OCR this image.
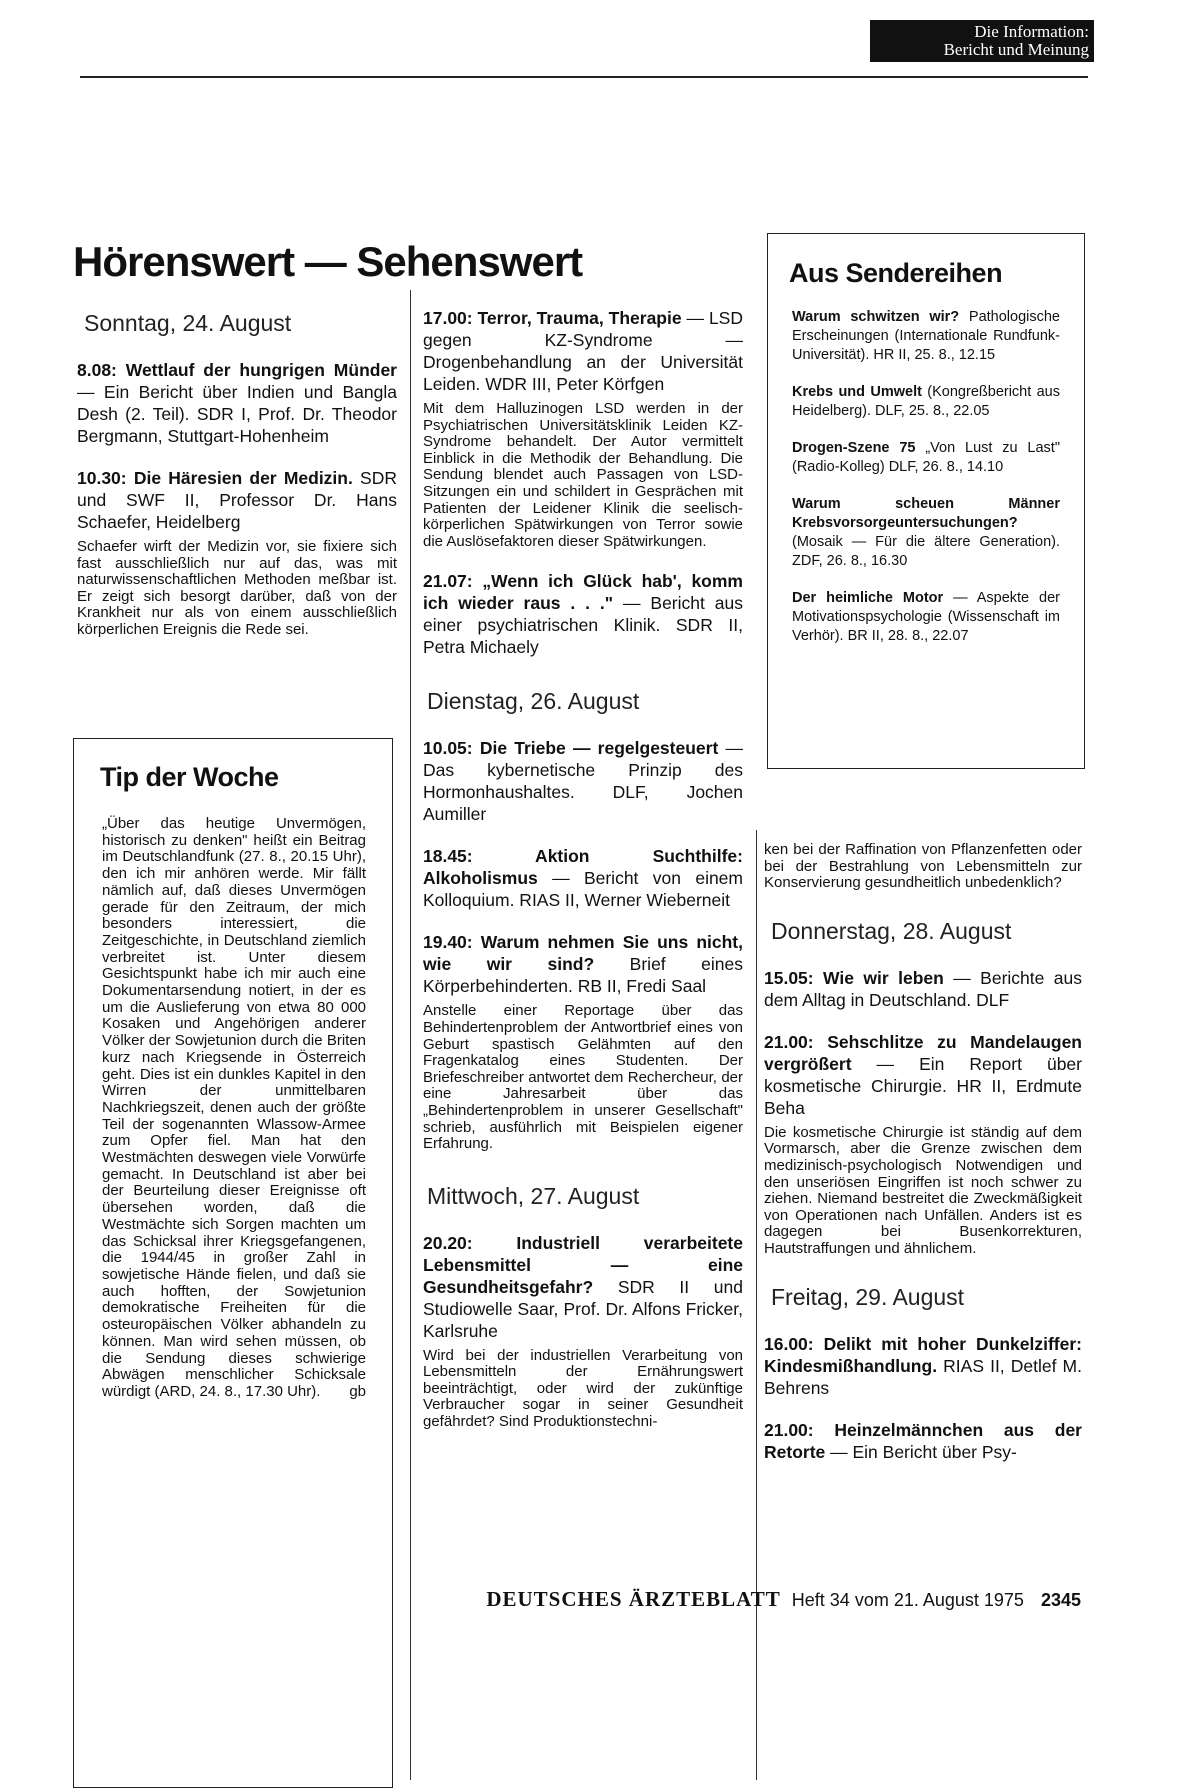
Die Information:
Bericht und Meinung
Hörenswert — Sehenswert
Sonntag, 24. August

8.08: Wettlauf der hungrigen Münder — Ein Bericht über Indien und Bangla Desh (2. Teil). SDR I, Prof. Dr. Theodor Bergmann, Stuttgart-Hohenheim

10.30: Die Häresien der Medizin. SDR und SWF II, Professor Dr. Hans Schaefer, Heidelberg

Schaefer wirft der Medizin vor, sie fixiere sich fast ausschließlich nur auf das, was mit naturwissenschaftlichen Methoden meßbar ist. Er zeigt sich besorgt darüber, daß von der Krankheit nur als von einem ausschließlich körperlichen Ereignis die Rede sei.

Tip der Woche

„Über das heutige Unvermögen, historisch zu denken" heißt ein Beitrag im Deutschlandfunk (27. 8., 20.15 Uhr), den ich mir anhören werde. Mir fällt nämlich auf, daß dieses Unvermögen gerade für den Zeitraum, der mich besonders interessiert, die Zeitgeschichte, in Deutschland ziemlich verbreitet ist. Unter diesem Gesichtspunkt habe ich mir auch eine Dokumentarsendung notiert, in der es um die Auslieferung von etwa 80 000 Kosaken und Angehörigen anderer Völker der Sowjetunion durch die Briten kurz nach Kriegsende in Österreich geht. Dies ist ein dunkles Kapitel in den Wirren der unmittelbaren Nachkriegszeit, denen auch der größte Teil der sogenannten Wlassow-Armee zum Opfer fiel. Man hat den Westmächten deswegen viele Vorwürfe gemacht. In Deutschland ist aber bei der Beurteilung dieser Ereignisse oft übersehen worden, daß die Westmächte sich Sorgen machten um das Schicksal ihrer Kriegsgefangenen, die 1944/45 in großer Zahl in sowjetische Hände fielen, und daß sie auch hofften, der Sowjetunion demokratische Freiheiten für die osteuropäischen Völker abhandeln zu können. Man wird sehen müssen, ob die Sendung dieses schwierige Abwägen menschlicher Schicksale würdigt (ARD, 24. 8., 17.30 Uhr).	gb

17.00: Terror, Trauma, Therapie — LSD gegen KZ-Syndrome — Drogenbehandlung an der Universität Leiden. WDR III, Peter Körfgen

Mit dem Halluzinogen LSD werden in der Psychiatrischen Universitätsklinik Leiden KZ-Syndrome behandelt. Der Autor vermittelt Einblick in die Methodik der Behandlung. Die Sendung blendet auch Passagen von LSD-Sitzungen ein und schildert in Gesprächen mit Patienten der Leidener Klinik die seelisch-körperlichen Spätwirkungen von Terror sowie die Auslösefaktoren dieser Spätwirkungen.

21.07: „Wenn ich Glück hab', komm ich wieder raus . . ." — Bericht aus einer psychiatrischen Klinik. SDR II, Petra Michaely

Dienstag, 26. August

10.05: Die Triebe — regelgesteuert — Das kybernetische Prinzip des Hormonhaushaltes. DLF, Jochen Aumiller

18.45: Aktion Suchthilfe: Alkoholismus — Bericht von einem Kolloquium. RIAS II, Werner Wieberneit

19.40: Warum nehmen Sie uns nicht, wie wir sind? Brief eines Körperbehinderten. RB II, Fredi Saal

Anstelle einer Reportage über das Behindertenproblem der Antwortbrief eines von Geburt spastisch Gelähmten auf den Fragenkatalog eines Studenten. Der Briefeschreiber antwortet dem Rechercheur, der eine Jahresarbeit über das „Behindertenproblem in unserer Gesellschaft" schrieb, ausführlich mit Beispielen eigener Erfahrung.

Mittwoch, 27. August

20.20: Industriell verarbeitete Lebensmittel — eine Gesundheitsgefahr? SDR II und Studiowelle Saar, Prof. Dr. Alfons Fricker, Karlsruhe

Wird bei der industriellen Verarbeitung von Lebensmitteln der Ernährungswert beeinträchtigt, oder wird der zukünftige Verbraucher sogar in seiner Gesundheit gefährdet? Sind Produktionstechni-

Aus Sendereihen

Warum schwitzen wir? Pathologische Erscheinungen (Internationale Rundfunk-Universität). HR II, 25. 8., 12.15

Krebs und Umwelt (Kongreßbericht aus Heidelberg). DLF, 25. 8., 22.05

Drogen-Szene 75 „Von Lust zu Last" (Radio-Kolleg) DLF, 26. 8., 14.10

Warum scheuen Männer Krebsvorsorgeuntersuchungen? (Mosaik — Für die ältere Generation). ZDF, 26. 8., 16.30

Der heimliche Motor — Aspekte der Motivationspsychologie (Wissenschaft im Verhör). BR II, 28. 8., 22.07

ken bei der Raffination von Pflanzenfetten oder bei der Bestrahlung von Lebensmitteln zur Konservierung gesundheitlich unbedenklich?

Donnerstag, 28. August

15.05: Wie wir leben — Berichte aus dem Alltag in Deutschland. DLF

21.00: Sehschlitze zu Mandelaugen vergrößert — Ein Report über kosmetische Chirurgie. HR II, Erdmute Beha

Die kosmetische Chirurgie ist ständig auf dem Vormarsch, aber die Grenze zwischen dem medizinisch-psychologisch Notwendigen und den unseriösen Eingriffen ist noch schwer zu ziehen. Niemand bestreitet die Zweckmäßigkeit von Operationen nach Unfällen. Anders ist es dagegen bei Busenkorrekturen, Hautstraffungen und ähnlichem.

Freitag, 29. August

16.00: Delikt mit hoher Dunkelziffer: Kindesmißhandlung. RIAS II, Detlef M. Behrens

21.00: Heinzelmännchen aus der Retorte — Ein Bericht über Psy-

DEUTSCHES ÄRZTEBLATT Heft 34 vom 21. August 1975 2345
